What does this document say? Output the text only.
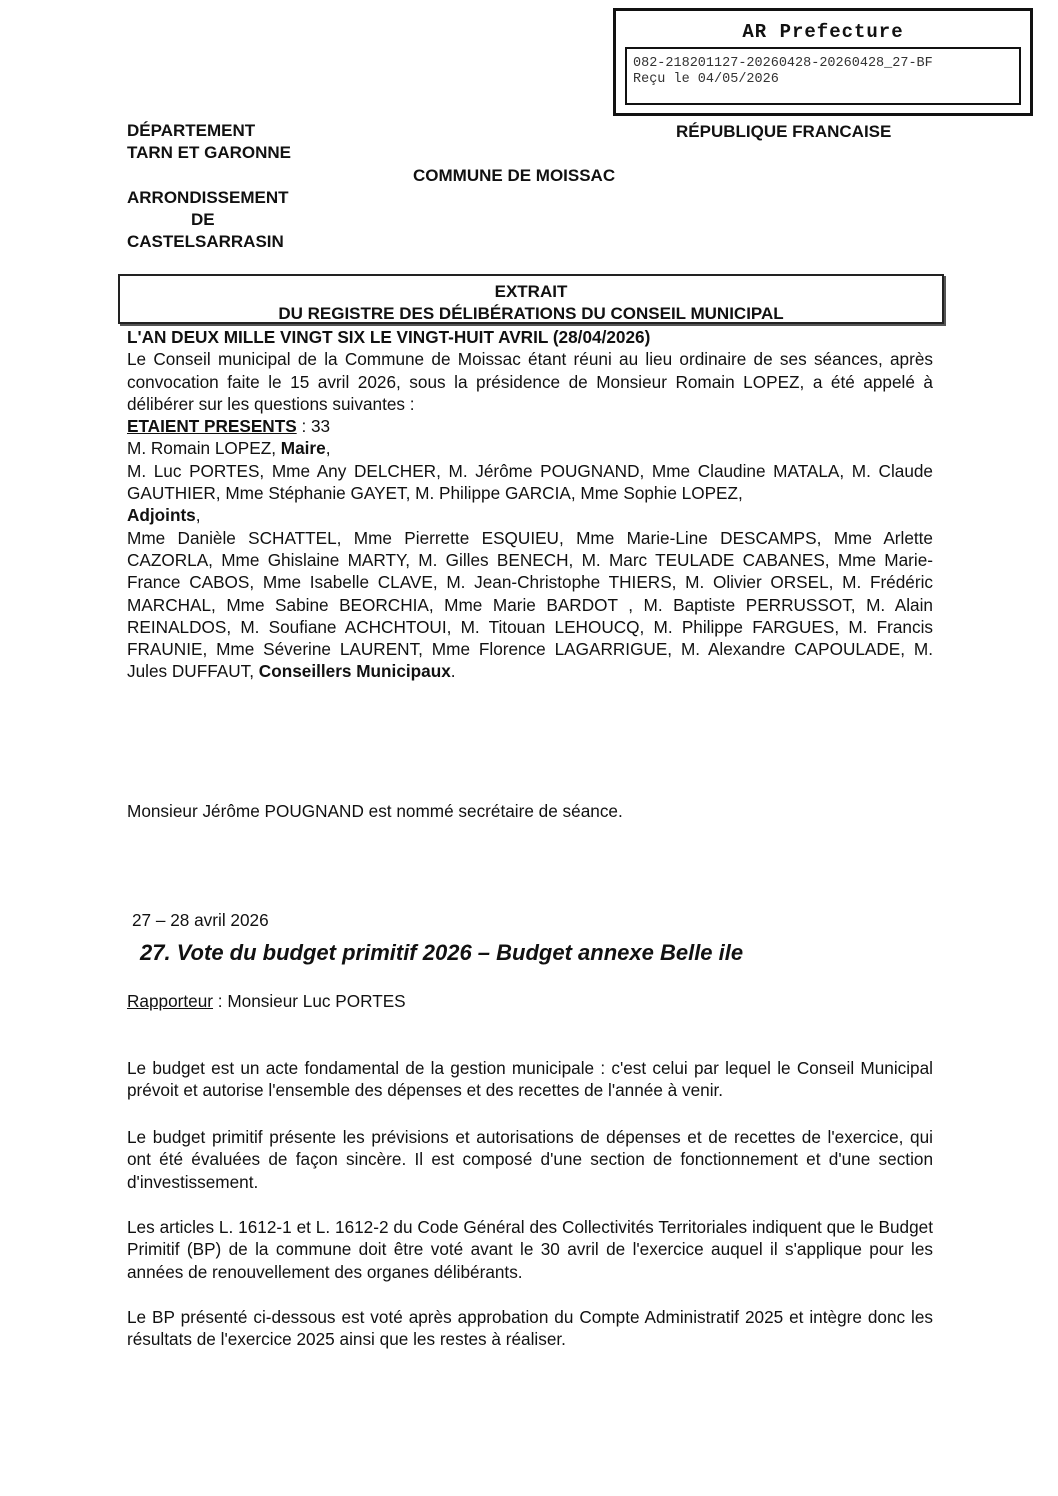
AR Prefecture
082-218201127-20260428-20260428_27-BF
Reçu le 04/05/2026
DÉPARTEMENT
TARN ET GARONNE
RÉPUBLIQUE FRANCAISE
COMMUNE DE MOISSAC
ARRONDISSEMENT
DE
CASTELSARRASIN
EXTRAIT
DU REGISTRE DES DÉLIBÉRATIONS DU CONSEIL MUNICIPAL

L'AN DEUX MILLE VINGT SIX LE VINGT-HUIT AVRIL (28/04/2026)

Le Conseil municipal de la Commune de Moissac étant réuni au lieu ordinaire de ses séances, après convocation faite le 15 avril 2026, sous la présidence de Monsieur Romain LOPEZ, a été appelé à délibérer sur les questions suivantes :

ETAIENT PRESENTS : 33

M. Romain LOPEZ, Maire,

M. Luc PORTES, Mme Any DELCHER, M. Jérôme POUGNAND, Mme Claudine MATALA, M. Claude GAUTHIER, Mme Stéphanie GAYET, M. Philippe GARCIA, Mme Sophie LOPEZ,
Adjoints,

Mme Danièle SCHATTEL, Mme Pierrette ESQUIEU, Mme Marie-Line DESCAMPS, Mme Arlette CAZORLA, Mme Ghislaine MARTY, M. Gilles BENECH, M. Marc TEULADE CABANES, Mme Marie-France CABOS, Mme Isabelle CLAVE, M. Jean-Christophe THIERS, M. Olivier ORSEL, M. Frédéric MARCHAL, Mme Sabine BEORCHIA, Mme Marie BARDOT , M. Baptiste PERRUSSOT, M. Alain REINALDOS, M. Soufiane ACHCHTOUI, M. Titouan LEHOUCQ, M. Philippe FARGUES, M. Francis FRAUNIE, Mme Séverine LAURENT, Mme Florence LAGARRIGUE, M. Alexandre CAPOULADE, M. Jules DUFFAUT, Conseillers Municipaux.

Monsieur Jérôme POUGNAND est nommé secrétaire de séance.
27 – 28 avril 2026
27. Vote du budget primitif 2026 – Budget annexe Belle ile
Rapporteur : Monsieur Luc PORTES
Le budget est un acte fondamental de la gestion municipale : c'est celui par lequel le Conseil Municipal prévoit et autorise l'ensemble des dépenses et des recettes de l'année à venir.
Le budget primitif présente les prévisions et autorisations de dépenses et de recettes de l'exercice, qui ont été évaluées de façon sincère. Il est composé d'une section de fonctionnement et d'une section d'investissement.
Les articles L. 1612-1 et L. 1612-2 du Code Général des Collectivités Territoriales indiquent que le Budget Primitif (BP) de la commune doit être voté avant le 30 avril de l'exercice auquel il s'applique pour les années de renouvellement des organes délibérants.
Le BP présenté ci-dessous est voté après approbation du Compte Administratif 2025 et intègre donc les résultats de l'exercice 2025 ainsi que les restes à réaliser.
